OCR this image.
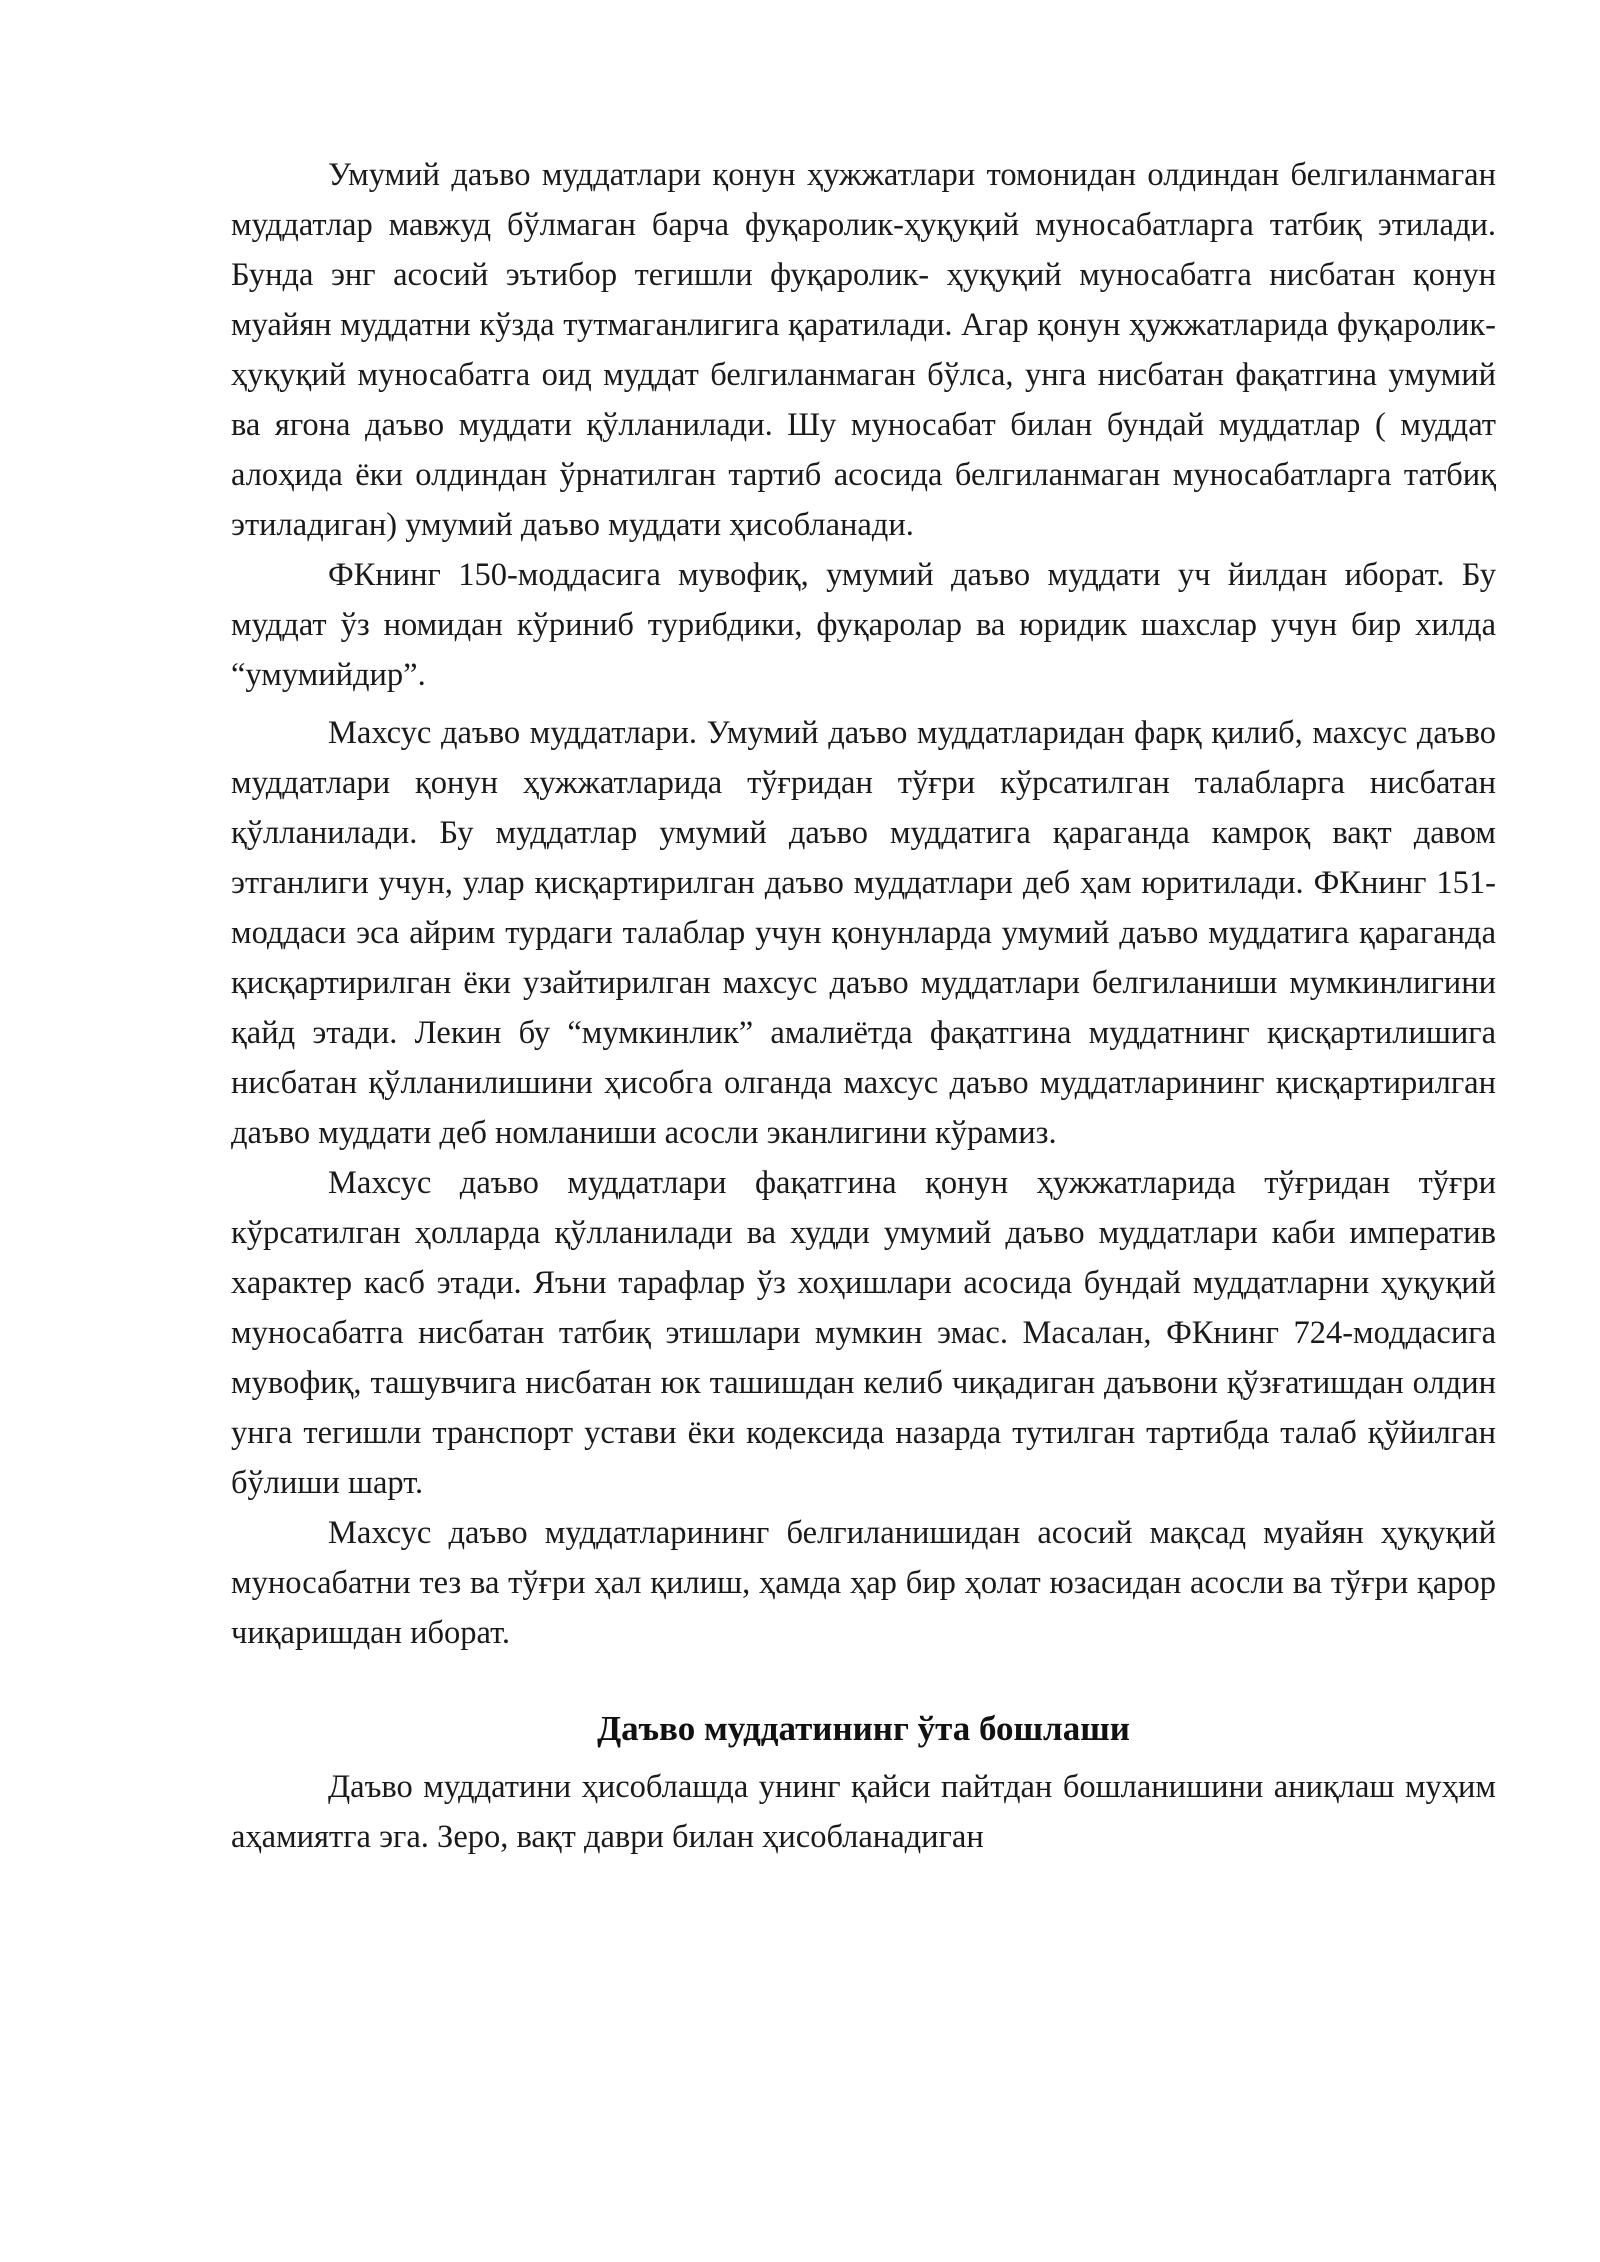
Умумий даъво муддатлари қонун ҳужжатлари томонидан олдиндан белгиланмаган муддатлар мавжуд бўлмаган барча фуқаролик-ҳуқуқий муносабатларга татбиқ этилади. Бунда энг асосий эътибор тегишли фуқаролик- ҳуқуқий муносабатга нисбатан қонун муайян муддатни кўзда тутмаганлигига қаратилади. Агар қонун ҳужжатларида фуқаролик-ҳуқуқий муносабатга оид муддат белгиланмаган бўлса, унга нисбатан фақатгина умумий ва ягона даъво муддати қўлланилади. Шу муносабат билан бундай муддатлар ( муддат алоҳида ёки олдиндан ўрнатилган тартиб асосида белгиланмаган муносабатларга татбиқ этиладиган) умумий даъво муддати ҳисобланади.

ФКнинг 150-моддасига мувофиқ, умумий даъво муддати уч йилдан иборат. Бу муддат ўз номидан кўриниб турибдики, фуқаролар ва юридик шахслар учун бир хилда “умумийдир”.

Махсус даъво муддатлари. Умумий даъво муддатларидан фарқ қилиб, махсус даъво муддатлари қонун ҳужжатларида тўғридан тўғри кўрсатилган талабларга нисбатан қўлланилади. Бу муддатлар умумий даъво муддатига қараганда камроқ вақт давом этганлиги учун, улар қисқартирилган даъво муддатлари деб ҳам юритилади. ФКнинг 151-моддаси эса айрим турдаги талаблар учун қонунларда умумий даъво муддатига қараганда қисқартирилган ёки узайтирилган махсус даъво муддатлари белгиланиши мумкинлигини қайд этади. Лекин бу “мумкинлик” амалиётда фақатгина муддатнинг қисқартилишига нисбатан қўлланилишини ҳисобга олганда махсус даъво муддатларининг қисқартирилган даъво муддати деб номланиши асосли эканлигини кўрамиз.

Махсус даъво муддатлари фақатгина қонун ҳужжатларида тўғридан тўғри кўрсатилган ҳолларда қўлланилади ва худди умумий даъво муддатлари каби императив характер касб этади. Яъни тарафлар ўз хоҳишлари асосида бундай муддатларни ҳуқуқий муносабатга нисбатан татбиқ этишлари мумкин эмас. Масалан, ФКнинг 724-моддасига мувофиқ, ташувчига нисбатан юк ташишдан келиб чиқадиган даъвони қўзғатишдан олдин унга тегишли транспорт устави ёки кодексида назарда тутилган тартибда талаб қўйилган бўлиши шарт.

Махсус даъво муддатларининг белгиланишидан асосий мақсад муайян ҳуқуқий муносабатни тез ва тўғри ҳал қилиш, ҳамда ҳар бир ҳолат юзасидан асосли ва тўғри қарор чиқаришдан иборат.

Даъво муддатининг ўта бошлаши

Даъво муддатини ҳисоблашда унинг қайси пайтдан бошланишини аниқлаш муҳим аҳамиятга эга. Зеро, вақт даври билан ҳисобланадиган
